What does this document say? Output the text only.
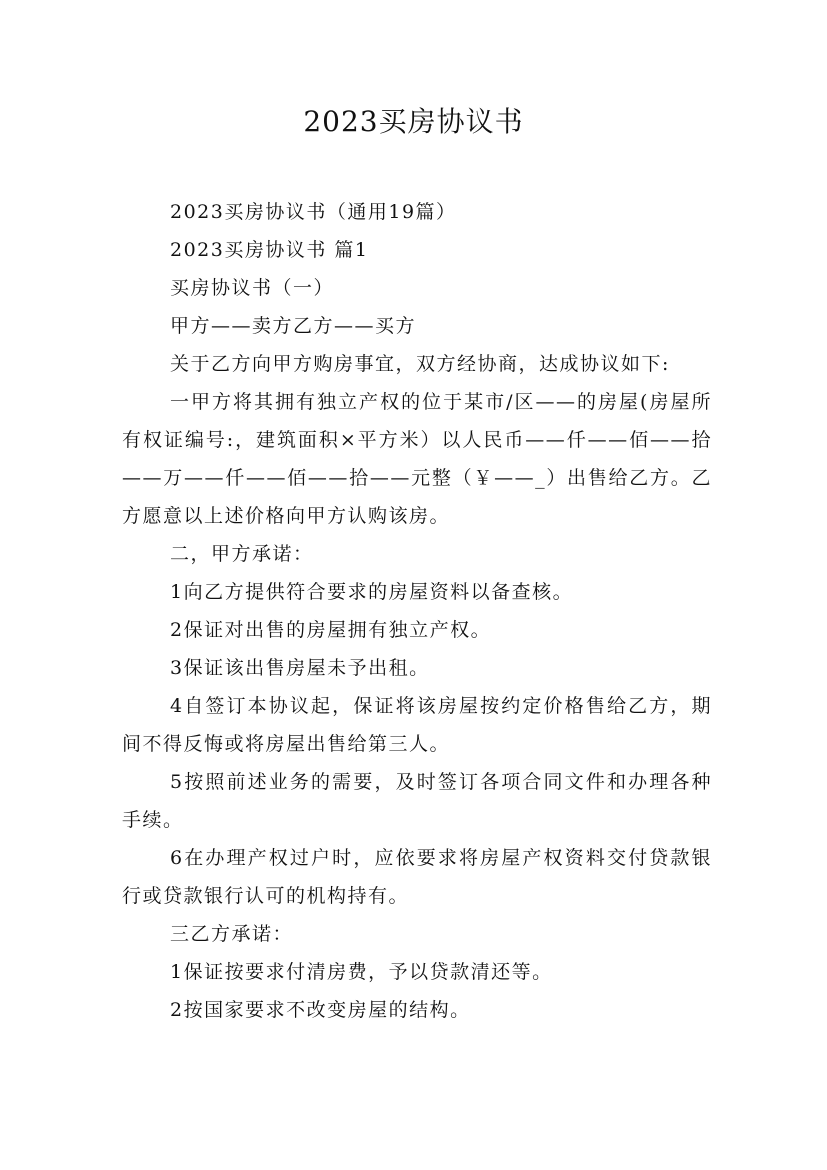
2023买房协议书

2023买房协议书（通用19篇）

2023买房协议书 篇1

买房协议书（一）

甲方——卖方乙方——买方

关于乙方向甲方购房事宜，双方经协商，达成协议如下:

一甲方将其拥有独立产权的位于某市/区——的房屋(房屋所有权证编号:，建筑面积×平方米）以人民币——仟——佰——拾——万——仟——佰——拾——元整（￥——_）出售给乙方。乙方愿意以上述价格向甲方认购该房。

二，甲方承诺：

1向乙方提供符合要求的房屋资料以备查核。

2保证对出售的房屋拥有独立产权。

3保证该出售房屋未予出租。

4自签订本协议起，保证将该房屋按约定价格售给乙方，期间不得反悔或将房屋出售给第三人。

5按照前述业务的需要，及时签订各项合同文件和办理各种手续。

6在办理产权过户时，应依要求将房屋产权资料交付贷款银行或贷款银行认可的机构持有。

三乙方承诺：

1保证按要求付清房费，予以贷款清还等。

2按国家要求不改变房屋的结构。
